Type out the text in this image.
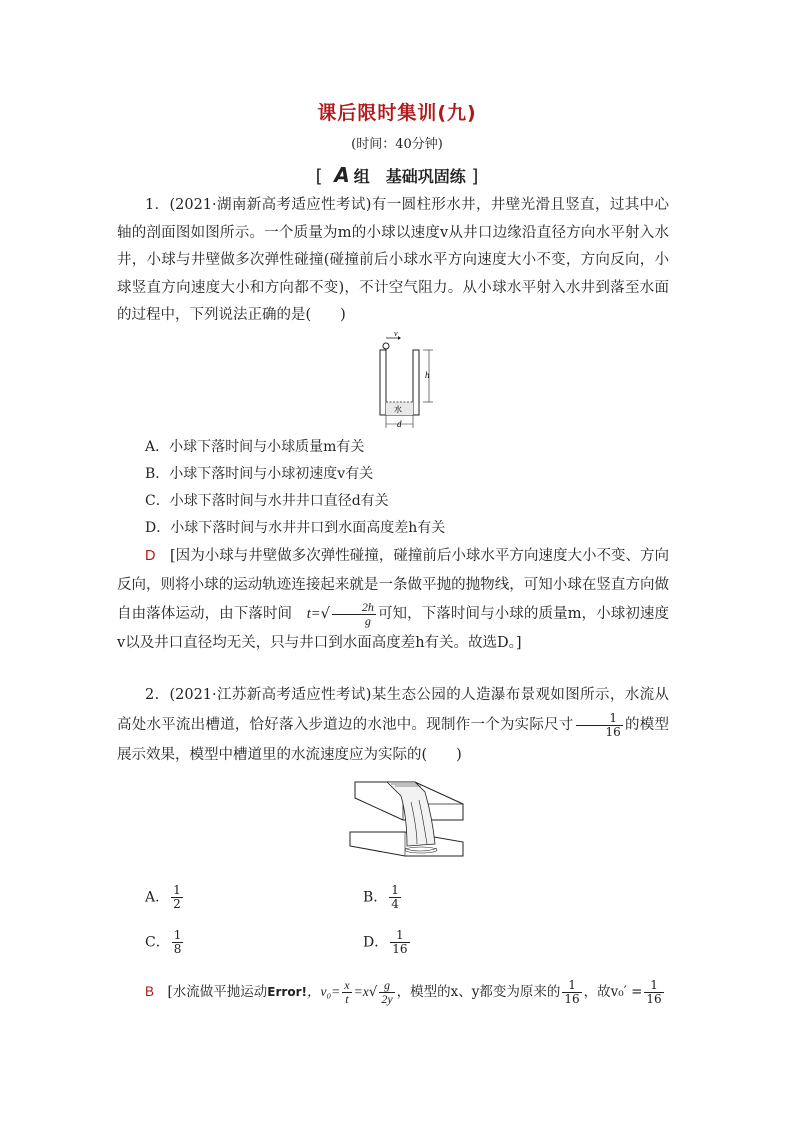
课后限时集训(九)
(时间：40分钟)
[ A 组　基础巩固练 ]
1．(2021·湖南新高考适应性考试)有一圆柱形水井，井壁光滑且竖直，过其中心轴的剖面图如图所示。一个质量为m的小球以速度v从井口边缘沿直径方向水平射入水井，小球与井壁做多次弹性碰撞(碰撞前后小球水平方向速度大小不变，方向反向，小球竖直方向速度大小和方向都不变)，不计空气阻力。从小球水平射入水井到落至水面的过程中，下列说法正确的是(　　)
水
v
h
d
A．小球下落时间与小球质量m有关
B．小球下落时间与小球初速度v有关
C．小球下落时间与水井井口直径d有关
D．小球下落时间与水井井口到水面高度差h有关
D　 [因为小球与井壁做多次弹性碰撞，碰撞前后小球水平方向速度大小不变、方向反向，则将小球的运动轨迹连接起来就是一条做平抛的抛物线，可知小球在竖直方向做自由落体运动，由下落时间　 $t=√ \frac{2h}{g}$ 可知，下落时间与小球的质量m，小球初速度v以及井口直径均无关，只与井口到水面高度差h有关。故选D。]
2．(2021·江苏新高考适应性考试)某生态公园的人造瀑布景观如图所示，水流从高处水平流出槽道，恰好落入步道边的水池中。现制作一个为实际尺寸 $\frac{1}{16}$ 的模型展示效果，模型中槽道里的水流速度应为实际的(　　)
A． $\frac{1}{2}$	B． $\frac{1}{4}$
C． $\frac{1}{8}$	D． $\frac{1}{16}$
B　 [水流做平抛运动Error!，$v_0= \frac{x}{t} =x√ \frac{g}{2y}$ ，模型的x、y都变为原来的 $\frac{1}{16}$ ，故$v_0' = \frac{1}{16}$
